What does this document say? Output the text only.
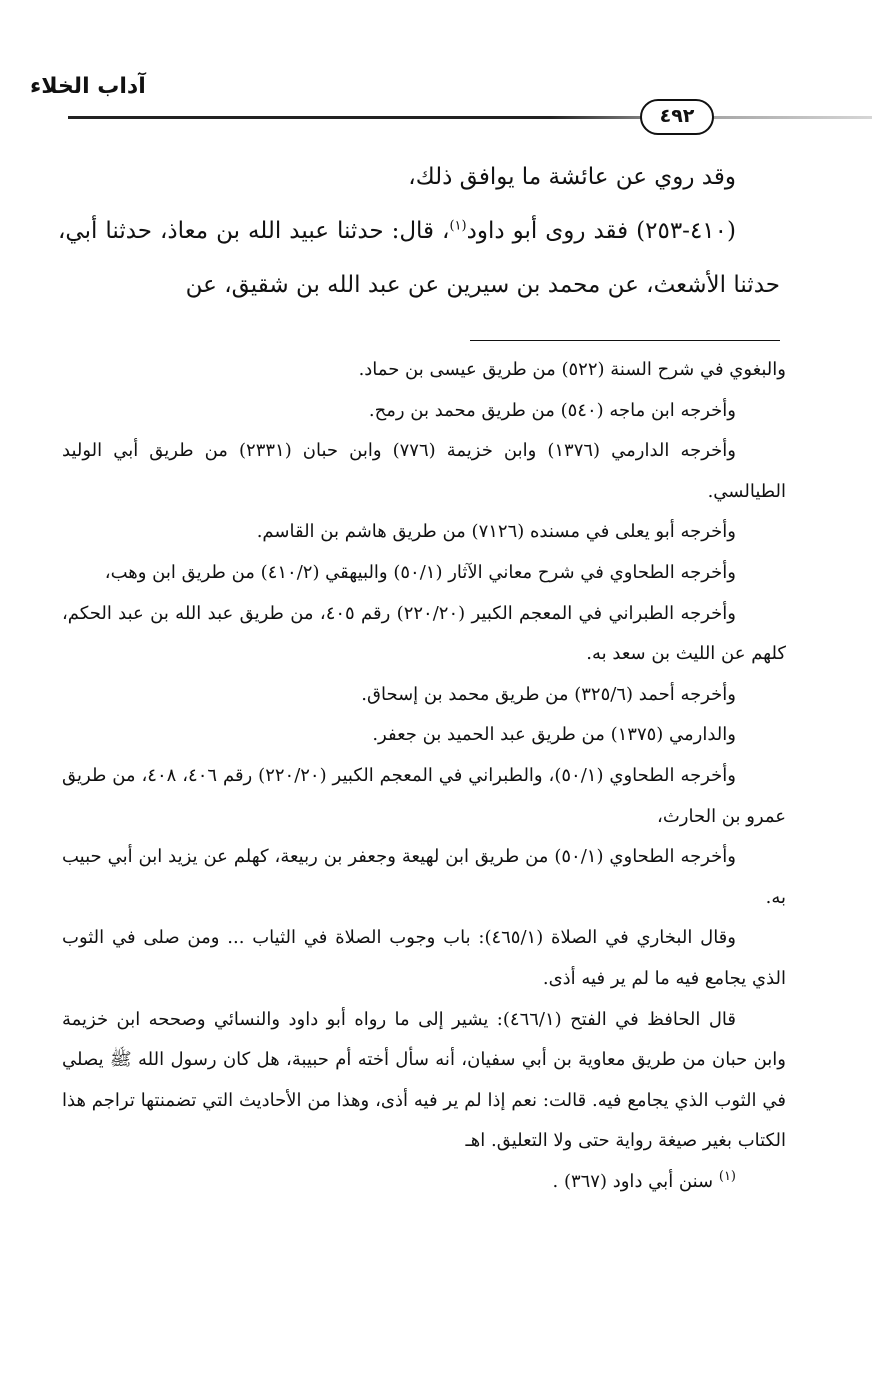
آداب الخلاء
٤٩٢

وقد روي عن عائشة ما يوافق ذلك،

(٤١٠-٢٥٣) فقد روى أبو داود$^{(١)}$، قال: حدثنا عبيد الله بن معاذ، حدثنا أبي، حدثنا الأشعث، عن محمد بن سيرين عن عبد الله بن شقيق، عن

والبغوي في شرح السنة (٥٢٢) من طريق عيسى بن حماد.

وأخرجه ابن ماجه (٥٤٠) من طريق محمد بن رمح.

وأخرجه الدارمي (١٣٧٦) وابن خزيمة (٧٧٦) وابن حبان (٢٣٣١) من طريق أبي الوليد الطيالسي.

وأخرجه أبو يعلى في مسنده (٧١٢٦) من طريق هاشم بن القاسم.

وأخرجه الطحاوي في شرح معاني الآثار (٥٠/١) والبيهقي (٤١٠/٢) من طريق ابن وهب،

وأخرجه الطبراني في المعجم الكبير (٢٢٠/٢٠) رقم ٤٠٥، من طريق عبد الله بن عبد الحكم، كلهم عن الليث بن سعد به.

وأخرجه أحمد (٣٢٥/٦) من طريق محمد بن إسحاق.

والدارمي (١٣٧٥) من طريق عبد الحميد بن جعفر.

وأخرجه الطحاوي (٥٠/١)، والطبراني في المعجم الكبير (٢٢٠/٢٠) رقم ٤٠٦، ٤٠٨، من طريق عمرو بن الحارث،

وأخرجه الطحاوي (٥٠/١) من طريق ابن لهيعة وجعفر بن ربيعة، كهلم عن يزيد ابن أبي حبيب به.

وقال البخاري في الصلاة (٤٦٥/١): باب وجوب الصلاة في الثياب ... ومن صلى في الثوب الذي يجامع فيه ما لم ير فيه أذى.

قال الحافظ في الفتح (٤٦٦/١): يشير إلى ما رواه أبو داود والنسائي وصححه ابن خزيمة وابن حبان من طريق معاوية بن أبي سفيان، أنه سأل أخته أم حبيبة، هل كان رسول الله ﷺ يصلي في الثوب الذي يجامع فيه. قالت: نعم إذا لم ير فيه أذى، وهذا من الأحاديث التي تضمنتها تراجم هذا الكتاب بغير صيغة رواية حتى ولا التعليق. اهـ

$^{(١)}$ سنن أبي داود (٣٦٧) .
